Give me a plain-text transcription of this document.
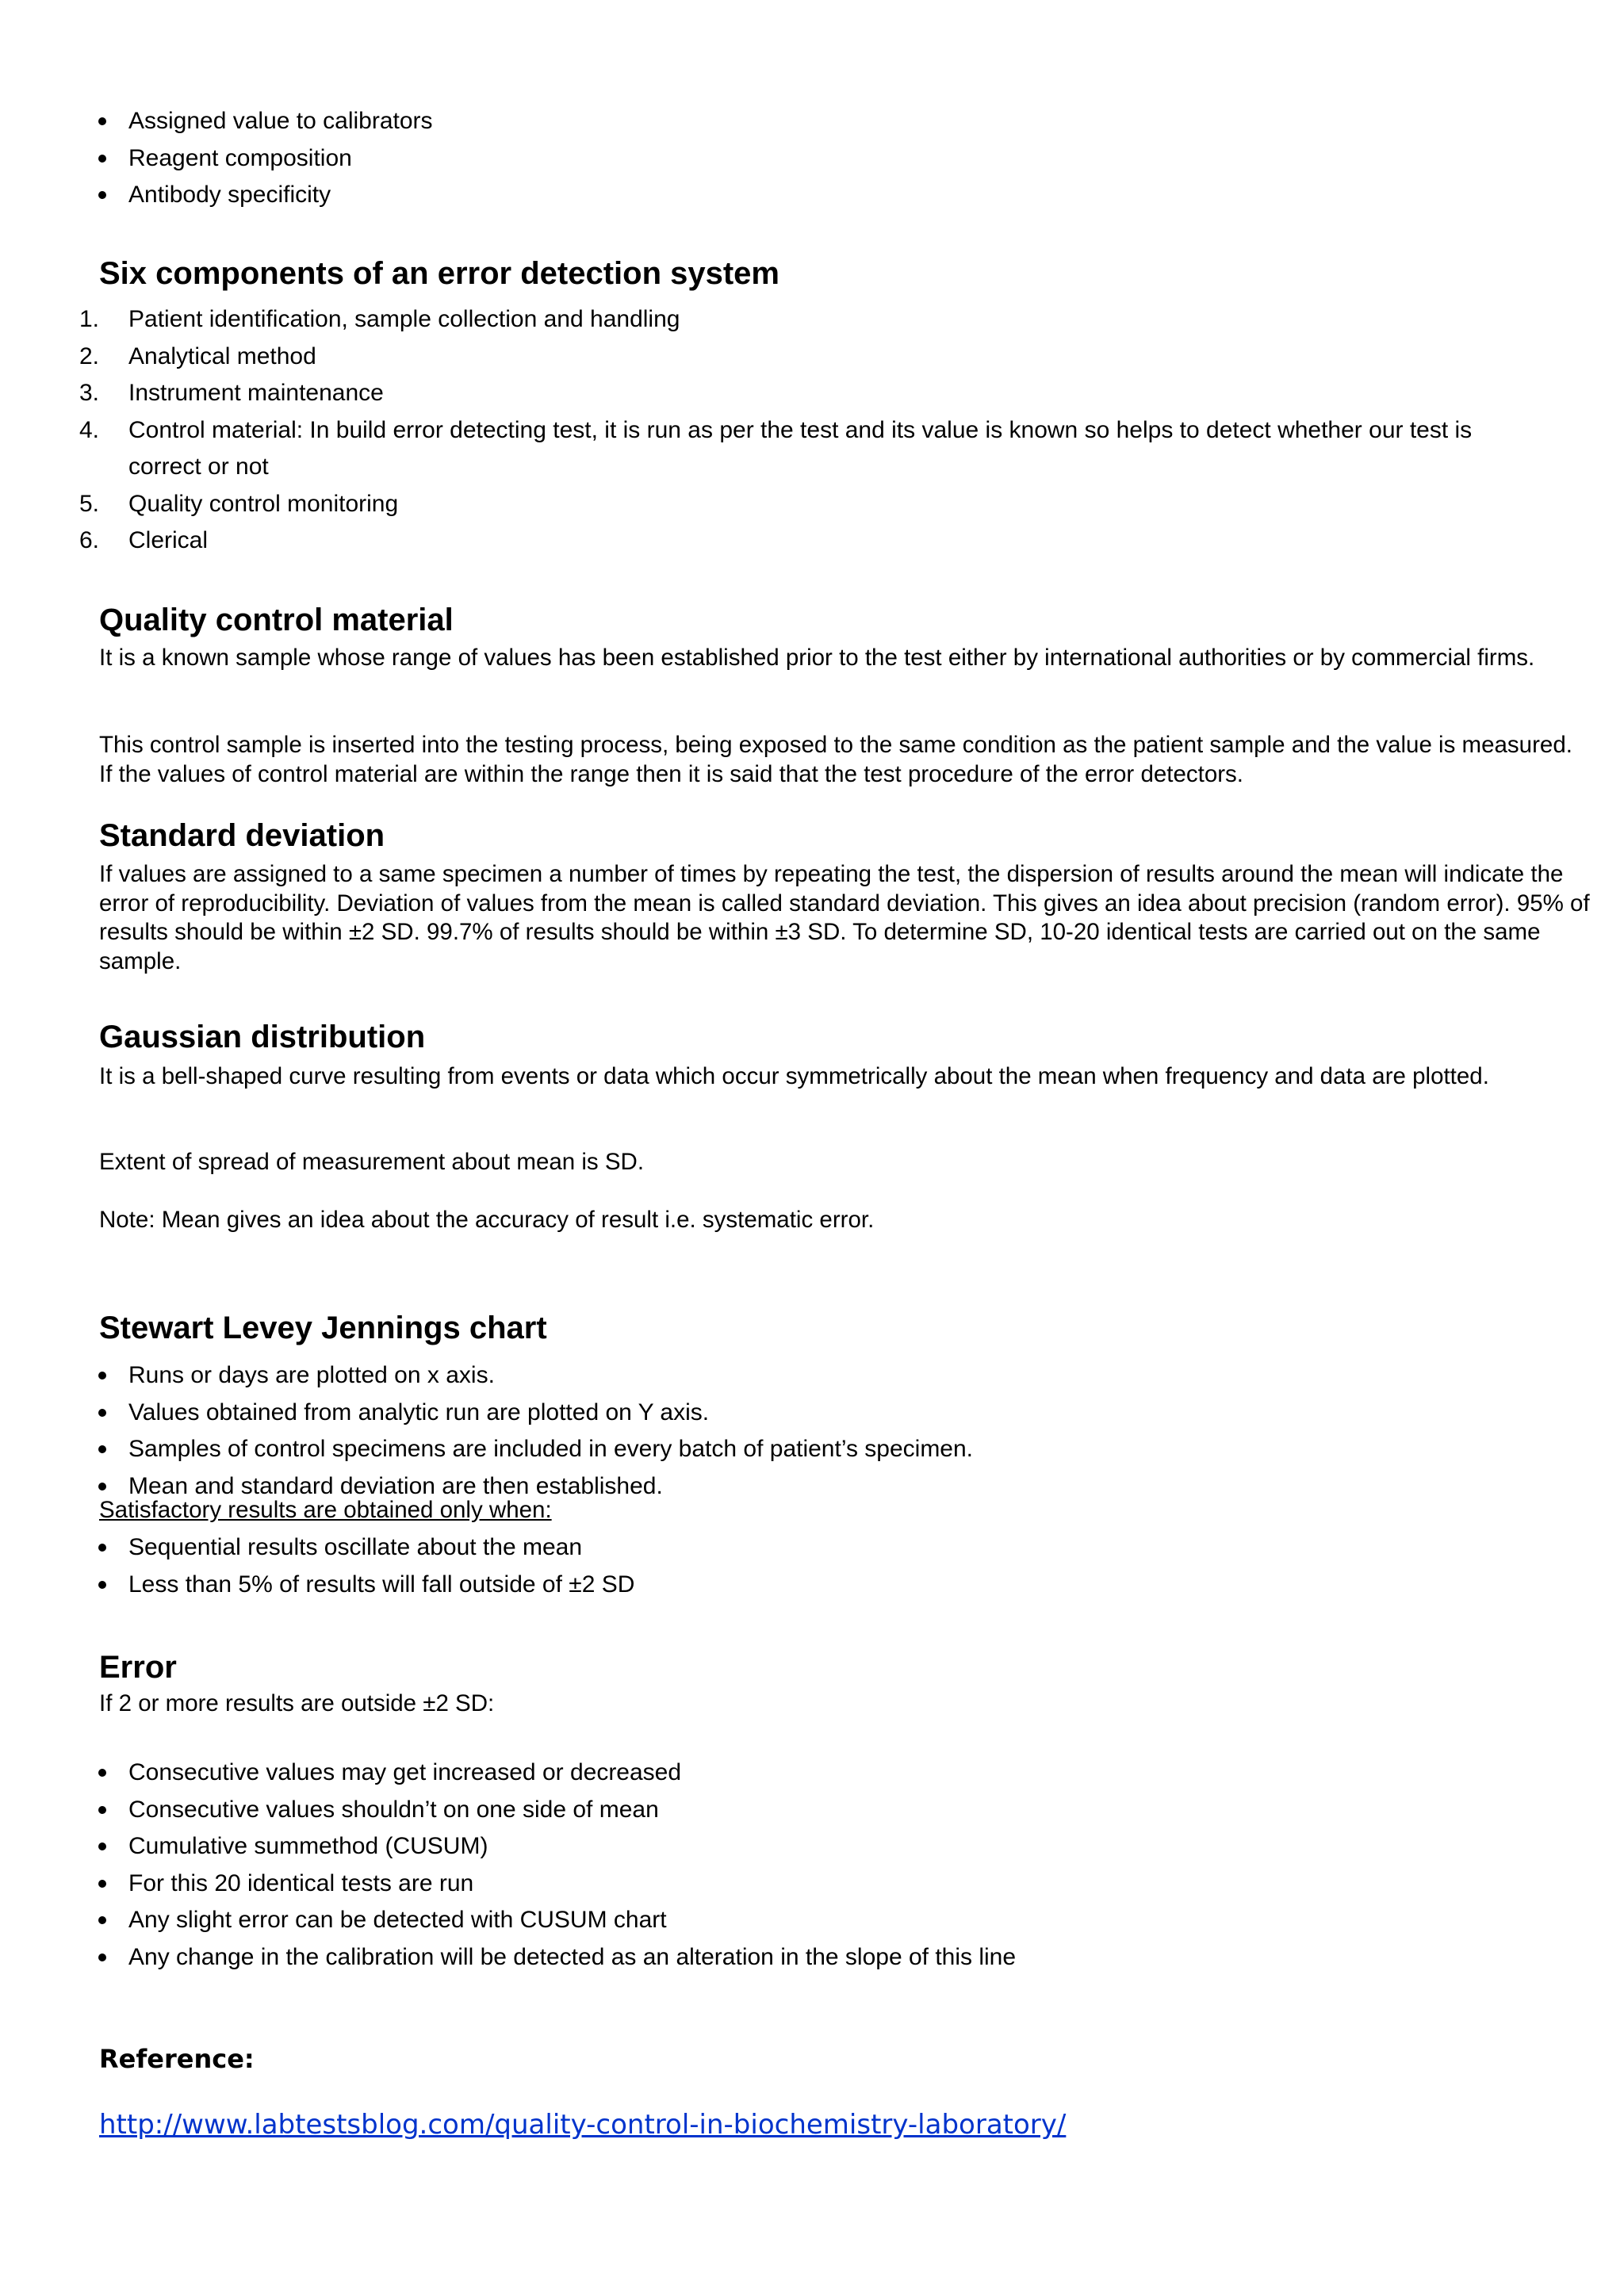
Assigned value to calibrators
Reagent composition
Antibody specificity
Six components of an error detection system
1. Patient identification, sample collection and handling
2. Analytical method
3. Instrument maintenance
4. Control material: In build error detecting test, it is run as per the test and its value is known so helps to detect whether our test is correct or not
5. Quality control monitoring
6. Clerical
Quality control material

It is a known sample whose range of values has been established prior to the test either by international authorities or by commercial firms.

This control sample is inserted into the testing process, being exposed to the same condition as the patient sample and the value is measured. If the values of control material are within the range then it is said that the test procedure of the error detectors.

Standard deviation

If values are assigned to a same specimen a number of times by repeating the test, the dispersion of results around the mean will indicate the error of reproducibility. Deviation of values from the mean is called standard deviation. This gives an idea about precision (random error). 95% of results should be within ±2 SD. 99.7% of results should be within ±3 SD. To determine SD, 10-20 identical tests are carried out on the same sample.

Gaussian distribution

It is a bell-shaped curve resulting from events or data which occur symmetrically about the mean when frequency and data are plotted.

Extent of spread of measurement about mean is SD.

Note: Mean gives an idea about the accuracy of result i.e. systematic error.

Stewart Levey Jennings chart
Runs or days are plotted on x axis.
Values obtained from analytic run are plotted on Y axis.
Samples of control specimens are included in every batch of patient’s specimen.
Mean and standard deviation are then established.
Satisfactory results are obtained only when:
Sequential results oscillate about the mean
Less than 5% of results will fall outside of ±2 SD
Error
If 2 or more results are outside ±2 SD:
Consecutive values may get increased or decreased
Consecutive values shouldn’t on one side of mean
Cumulative summethod (CUSUM)
For this 20 identical tests are run
Any slight error can be detected with CUSUM chart
Any change in the calibration will be detected as an alteration in the slope of this line
Reference:
http://www.labtestsblog.com/quality-control-in-biochemistry-laboratory/
